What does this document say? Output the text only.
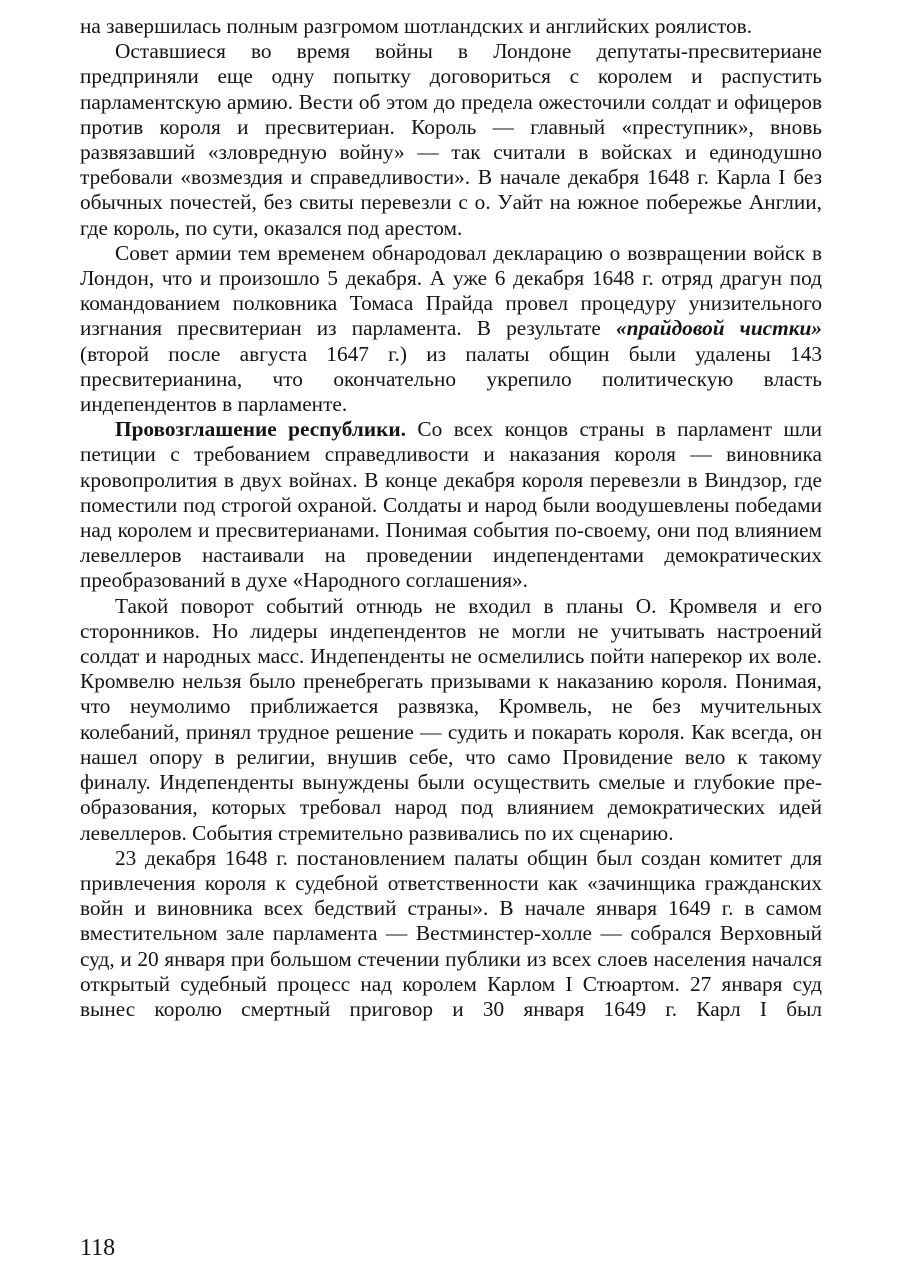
на завершилась полным разгромом шотландских и английских роялистов.

Оставшиеся во время войны в Лондоне депутаты-пресвитериане предприняли еще одну попытку договориться с королем и распустить парламентскую армию. Вести об этом до предела ожесточили солдат и офицеров против короля и пресвитериан. Король — главный «преступник», вновь развязавший «зловредную войну» — так считали в войсках и единодушно требовали «возмездия и справедливости». В начале декабря 1648 г. Карла I без обычных почестей, без свиты перевезли с о. Уайт на южное побережье Англии, где король, по сути, оказался под арестом.

Совет армии тем временем обнародовал декларацию о возвращении войск в Лондон, что и произошло 5 декабря. А уже 6 декабря 1648 г. отряд драгун под командованием полковника Томаса Прайда провел процедуру унизительного изгнания пресвитериан из парламента. В результате «прайдовой чистки» (второй после августа 1647 г.) из палаты общин были удалены 143 пресвитерианина, что окончательно укрепило политическую власть индепендентов в парламенте.

Провозглашение республики. Со всех концов страны в парламент шли петиции с требованием справедливости и наказания короля — виновника кровопролития в двух войнах. В конце декабря короля перевезли в Виндзор, где поместили под строгой охраной. Солдаты и народ были воодушевлены победами над королем и пресвитерианами. Понимая события по-своему, они под влиянием левеллеров настаивали на проведении индепендентами демократических преобразований в духе «Народного соглашения».

Такой поворот событий отнюдь не входил в планы О. Кромвеля и его сторонников. Но лидеры индепендентов не могли не учитывать настроений солдат и народных масс. Индепенденты не осмелились пойти наперекор их воле. Кромвелю нельзя было пренебрегать призывами к наказанию короля. Понимая, что неумолимо приближается развязка, Кромвель, не без мучительных колебаний, принял трудное решение — судить и покарать короля. Как всегда, он нашел опору в религии, внушив себе, что само Провидение вело к такому финалу. Индепенденты вынуждены были осуществить смелые и глубокие преобразования, которых требовал народ под влиянием демократических идей левеллеров. События стремительно развивались по их сценарию.

23 декабря 1648 г. постановлением палаты общин был создан комитет для привлечения короля к судебной ответственности как «зачинщика гражданских войн и виновника всех бедствий страны». В начале января 1649 г. в самом вместительном зале парламента — Вестминстер-холле — собрался Верховный суд, и 20 января при большом стечении публики из всех слоев населения начался открытый судебный процесс над королем Карлом I Стюартом. 27 января суд вынес королю смертный приговор и 30 января 1649 г. Карл I был

118
